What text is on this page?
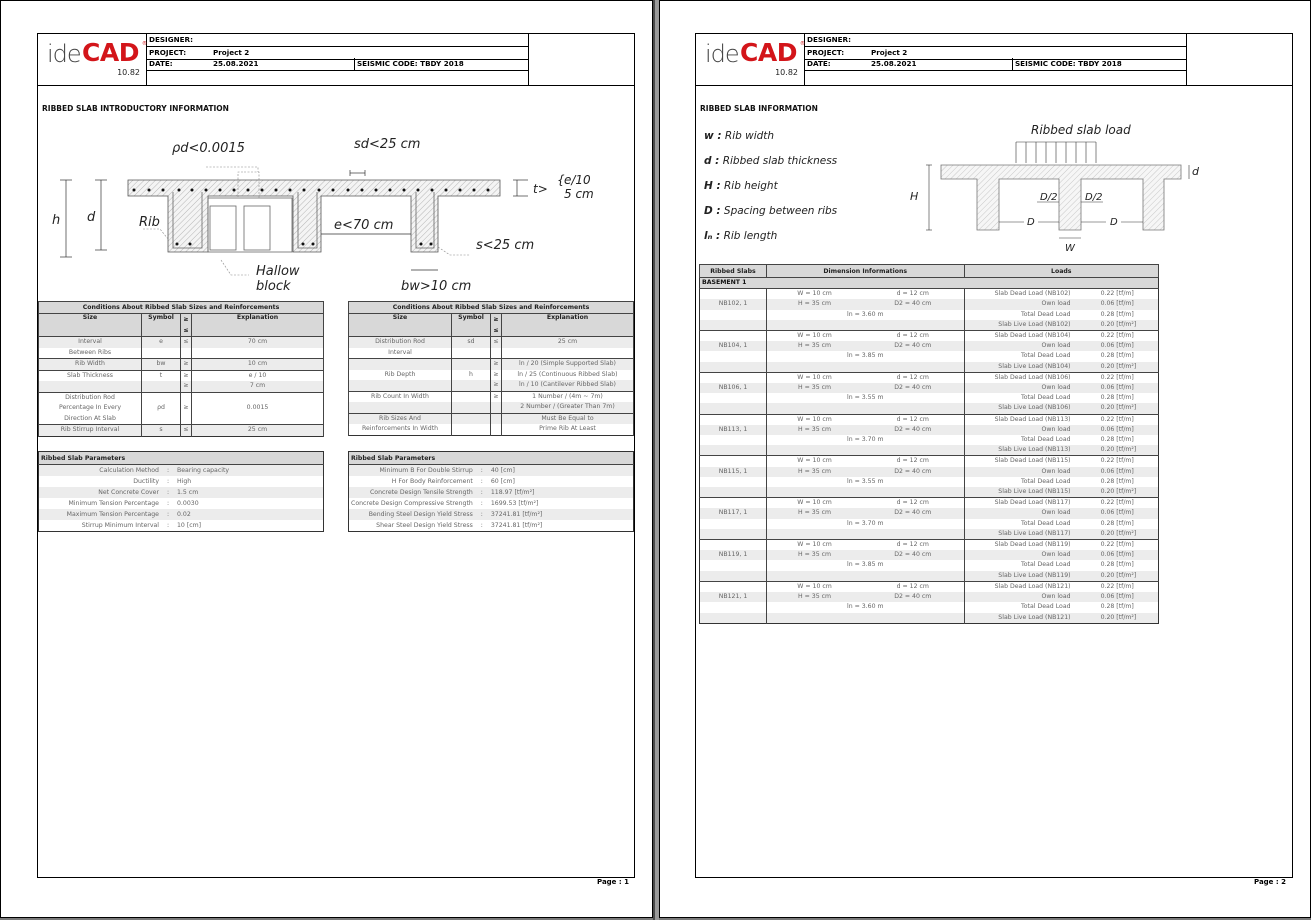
ide CAD ®
10.82
DESIGNER:
PROJECT:	Project 2
DATE:	25.08.2021	SEISMIC CODE: TBDY 2018
RIBBED SLAB INTRODUCTORY INFORMATION
ρd<0.0015	sd<25 cm
t>
{ e/10
5 cm
h d	Rib	e<70 cm
s<25 cm
Hallow
block	bw>10 cm
Conditions About Ribbed Slab Sizes and Reinforcements			
Size	Symbol	≥	Explanation
		≤	
Interval	e	≤	70 cm
Between Ribs			
Rib Width	bw	≥	10 cm
Slab Thickness	t	≥	e / 10
		≥	7 cm
Distribution Rod			
Percentage In Every	ρd	≥	0.0015
Direction At Slab			
Rib Stirrup Interval	s	≤	25 cm
Conditions About Ribbed Slab Sizes and Reinforcements			
Size	Symbol	≥	Explanation
		≤	
Distribution Rod	sd	≤	25 cm
Interval			
		≥	ln / 20 (Simple Supported Slab)
Rib Depth	h	≥	ln / 25 (Continuous Ribbed Slab)
		≥	ln / 10 (Cantilever Ribbed Slab)
Rib Count In Width		≥	1 Number / (4m ~ 7m)
			2 Number / (Greater Than 7m)
Rib Sizes And			Must Be Equal to
Reinforcements In Width			Prime Rib At Least
Ribbed Slab Parameters		
Calculation Method	:	Bearing capacity
Ductility	:	High
Net Concrete Cover	:	1.5 cm
Minimum Tension Percentage	:	0.0030
Maximum Tension Percentage	:	0.02
Stirrup Minimum Interval	:	10 [cm]
Ribbed Slab Parameters		
Minimum B For Double Stirrup	:	40 [cm]
H For Body Reinforcement	:	60 [cm]
Concrete Design Tensile Strength	:	118.97 [tf/m²]
Concrete Design Compressive Strength	:	1699.53 [tf/m²]
Bending Steel Design Yield Stress	:	37241.81 [tf/m²]
Shear Steel Design Yield Stress	:	37241.81 [tf/m²]
Page : 1
ide CAD ®
10.82
DESIGNER:
PROJECT:	Project 2
DATE:	25.08.2021	SEISMIC CODE: TBDY 2018
RIBBED SLAB INFORMATION
w : Rib width
d : Ribbed slab thickness
H : Rib height
D : Spacing between ribs
lₙ : Rib length
Ribbed slab load
d
H	D/2	D/2
D	D
W
Ribbed Slabs	Dimension Informations		Loads	
BASEMENT 1				
	W = 10 cm	d = 12 cm	Slab Dead Load (NB102)	0.22 [tf/m]
NB102, 1	H = 35 cm	D2 = 40 cm	Own load	0.06 [tf/m]
	ln = 3.60 m		Total Dead Load	0.28 [tf/m]
			Slab Live Load (NB102)	0.20 [tf/m²]
	W = 10 cm	d = 12 cm	Slab Dead Load (NB104)	0.22 [tf/m]
NB104, 1	H = 35 cm	D2 = 40 cm	Own load	0.06 [tf/m]
	ln = 3.85 m		Total Dead Load	0.28 [tf/m]
			Slab Live Load (NB104)	0.20 [tf/m²]
	W = 10 cm	d = 12 cm	Slab Dead Load (NB106)	0.22 [tf/m]
NB106, 1	H = 35 cm	D2 = 40 cm	Own load	0.06 [tf/m]
	ln = 3.55 m		Total Dead Load	0.28 [tf/m]
			Slab Live Load (NB106)	0.20 [tf/m²]
	W = 10 cm	d = 12 cm	Slab Dead Load (NB113)	0.22 [tf/m]
NB113, 1	H = 35 cm	D2 = 40 cm	Own load	0.06 [tf/m]
	ln = 3.70 m		Total Dead Load	0.28 [tf/m]
			Slab Live Load (NB113)	0.20 [tf/m²]
	W = 10 cm	d = 12 cm	Slab Dead Load (NB115)	0.22 [tf/m]
NB115, 1	H = 35 cm	D2 = 40 cm	Own load	0.06 [tf/m]
	ln = 3.55 m		Total Dead Load	0.28 [tf/m]
			Slab Live Load (NB115)	0.20 [tf/m²]
	W = 10 cm	d = 12 cm	Slab Dead Load (NB117)	0.22 [tf/m]
NB117, 1	H = 35 cm	D2 = 40 cm	Own load	0.06 [tf/m]
	ln = 3.70 m		Total Dead Load	0.28 [tf/m]
			Slab Live Load (NB117)	0.20 [tf/m²]
	W = 10 cm	d = 12 cm	Slab Dead Load (NB119)	0.22 [tf/m]
NB119, 1	H = 35 cm	D2 = 40 cm	Own load	0.06 [tf/m]
	ln = 3.85 m		Total Dead Load	0.28 [tf/m]
			Slab Live Load (NB119)	0.20 [tf/m²]
	W = 10 cm	d = 12 cm	Slab Dead Load (NB121)	0.22 [tf/m]
NB121, 1	H = 35 cm	D2 = 40 cm	Own load	0.06 [tf/m]
	ln = 3.60 m		Total Dead Load	0.28 [tf/m]
			Slab Live Load (NB121)	0.20 [tf/m²]
Page : 2
